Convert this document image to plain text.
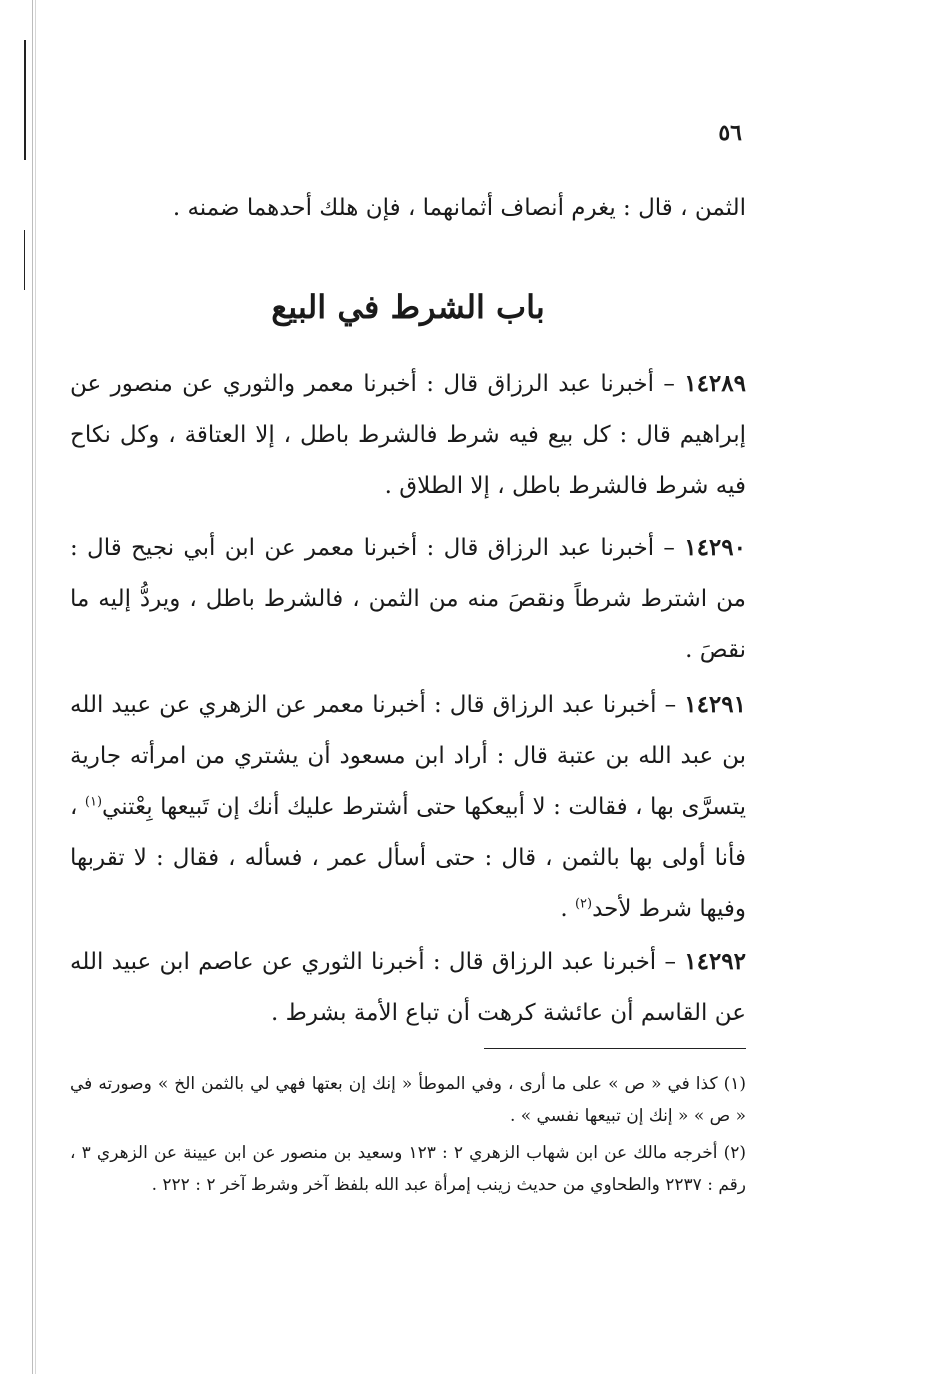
٥٦

الثمن ، قال : يغرم أنصاف أثمانهما ، فإن هلك أحدهما ضمنه .

باب الشرط في البيع

١٤٢٨٩ – أخبرنا عبد الرزاق قال : أخبرنا معمر والثوري عن منصور عن إبراهيم قال : كل بيع فيه شرط فالشرط باطل ، إلا العتاقة ، وكل نكاح فيه شرط فالشرط باطل ، إلا الطلاق .

١٤٢٩٠ – أخبرنا عبد الرزاق قال : أخبرنا معمر عن ابن أبي نجيح قال : من اشترط شرطاً ونقصَ منه من الثمن ، فالشرط باطل ، ويردُّ إليه ما نقصَ .

١٤٢٩١ – أخبرنا عبد الرزاق قال : أخبرنا معمر عن الزهري عن عبيد الله بن عبد الله بن عتبة قال : أراد ابن مسعود أن يشتري من امرأته جارية يتسرَّى بها ، فقالت : لا أبيعكها حتى أشترط عليك أنك إن تَبيعها بِعْتني$^{(١)}$ ، فأنا أولى بها بالثمن ، قال : حتى أسأل عمر ، فسأله ، فقال : لا تقربها وفيها شرط لأحد$^{(٢)}$ .

١٤٢٩٢ – أخبرنا عبد الرزاق قال : أخبرنا الثوري عن عاصم ابن عبيد الله عن القاسم أن عائشة كرهت أن تباع الأمة بشرط .

(١) كذا في « ص » على ما أرى ، وفي الموطأ « إنك إن بعتها فهي لي بالثمن الخ » وصورته في « ص » « إنك إن تبيعها نفسي » .

(٢) أخرجه مالك عن ابن شهاب الزهري ٢ : ١٢٣ وسعيد بن منصور عن ابن عيينة عن الزهري ٣ ، رقم : ٢٢٣٧ والطحاوي من حديث زينب إمرأة عبد الله بلفظ آخر وشرط آخر ٢ : ٢٢٢ .
